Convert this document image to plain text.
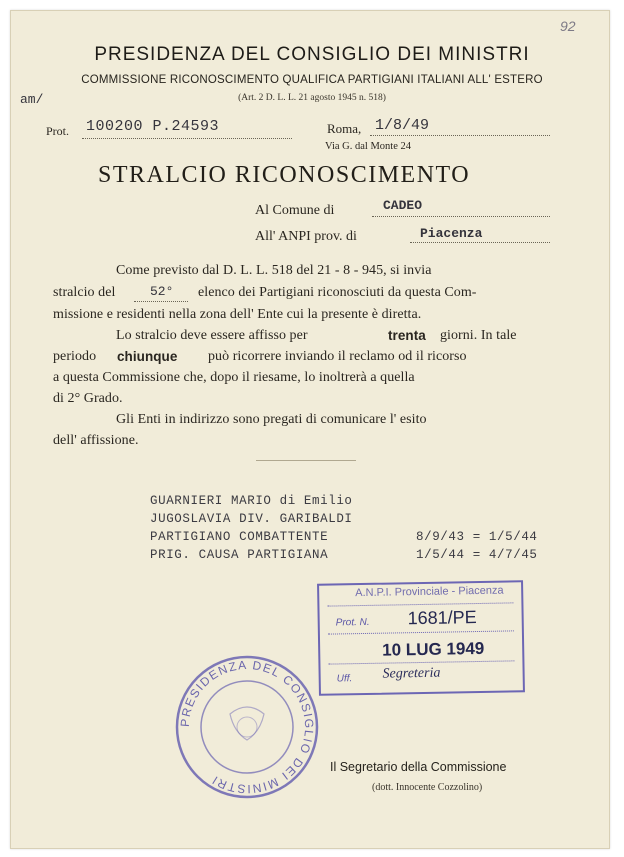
92
PRESIDENZA DEL CONSIGLIO DEI MINISTRI
COMMISSIONE RICONOSCIMENTO QUALIFICA PARTIGIANI ITALIANI ALL' ESTERO
(Art. 2 D. L. L. 21 agosto 1945 n. 518)
am/
Prot. 100200 P.24593	Roma, 1/8/49
Via G. dal Monte 24
STRALCIO RICONOSCIMENTO
Al Comune di	CADEO
All' ANPI prov. di	Piacenza
Come previsto dal D. L. L. 518 del 21 - 8 - 945, si invia
stralcio del	52° elenco dei Partigiani riconosciuti da questa Com-
missione e residenti nella zona dell' Ente cui la presente è diretta.
Lo stralcio deve essere affisso per	trenta giorni. In tale
periodo chiunque può ricorrere inviando il reclamo od il ricorso
a questa Commissione che, dopo il riesame, lo inoltrerà a quella
di 2° Grado.
Gli Enti in indirizzo sono pregati di comunicare l' esito
dell' affissione.
GUARNIERI MARIO di Emilio
JUGOSLAVIA DIV. GARIBALDI
PARTIGIANO COMBATTENTE	8/9/43 = 1/5/44
PRIG. CAUSA PARTIGIANA	1/5/44 = 4/7/45
A.N.P.I. Provinciale - Piacenza
Prot. N. 1681/PE
10 LUG 1949
Uff. Segreteria
PRESIDENZA DEL CONSIGLIO DEI MINISTRI
Il Segretario della Commissione
(dott. Innocente Cozzolino)
